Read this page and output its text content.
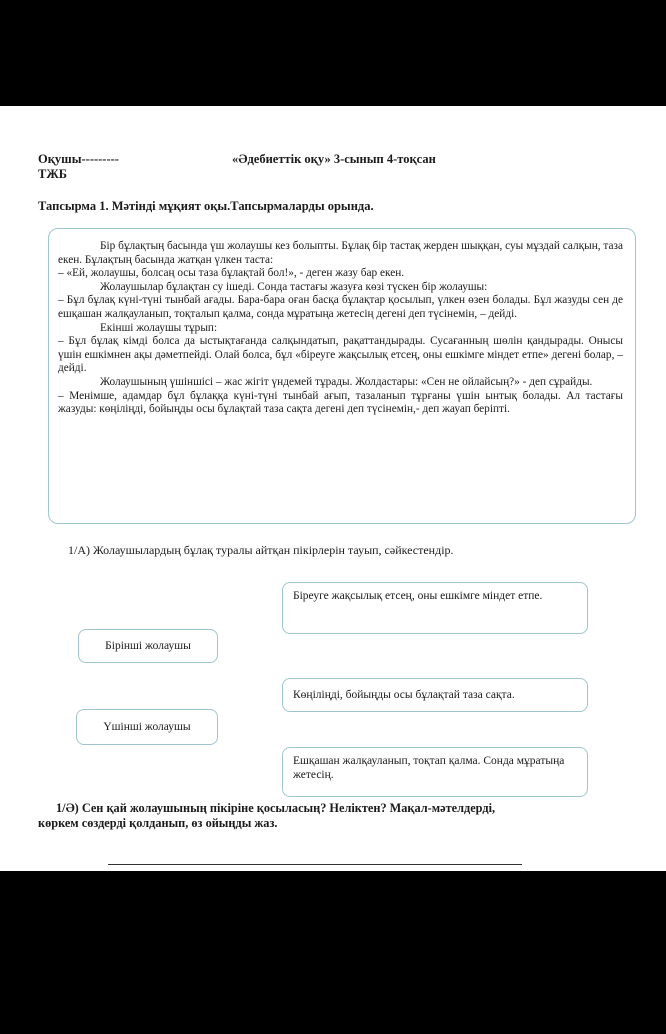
Оқушы---------
ТЖБ
«Әдебиеттік оқу» 3-сынып 4-тоқсан
Тапсырма 1. Мәтінді мұқият оқы.Тапсырмаларды орында.

Бір бұлақтың басында үш жолаушы кез болыпты. Бұлақ бір тастақ жерден шыққан, суы мұздай салқын, таза екен. Бұлақтың басында жатқан үлкен таста:

– «Ей, жолаушы, болсаң осы таза бұлақтай бол!», - деген жазу бар екен.

Жолаушылар бұлақтан су ішеді. Сонда тастағы жазуға көзі түскен бір жолаушы:

– Бұл бұлақ күні-түні тынбай ағады. Бара-бара оған басқа бұлақтар қосылып, үлкен өзен болады. Бұл жазуды сен де ешқашан жалқауланып, тоқталып қалма, сонда мұратыңа жетесің дегені деп түсінемін, – дейді.

Екінші жолаушы тұрып:

– Бұл бұлақ кімді болса да ыстықтағанда салқындатып, рақаттандырады. Сусағанның шөлін қандырады. Онысы үшін ешкімнен ақы дәметпейді. Олай болса, бұл «біреуге жақсылық етсең, оны ешкімге міндет етпе» дегені болар, – дейді.

Жолаушының үшіншісі – жас жігіт үндемей тұрады. Жолдастары: «Сен не ойлайсың?» - деп сұрайды.

– Менімше, адамдар бұл бұлаққа күні-түні тынбай ағып, тазаланып тұрғаны үшін ынтық болады. Ал тастағы жазуды: көңіліңді, бойыңды осы бұлақтай таза сақта дегені деп түсінемін,- деп жауап беріпті.

1/А) Жолаушылардың бұлақ туралы айтқан пікірлерін тауып, сәйкестендір.
Біреуге жақсылық етсең, оны ешкімге міндет етпе.
Көңіліңді, бойыңды осы бұлақтай таза сақта.
Ешқашан жалқауланып, тоқтап қалма. Сонда мұратыңа жетесің.
Бірінші жолаушы
Үшінші жолаушы
1/Ә) Сен қай жолаушының пікіріне қосыласың? Неліктен? Мақал-мәтелдерді,
көркем сөздерді қолданып, өз ойыңды жаз.
